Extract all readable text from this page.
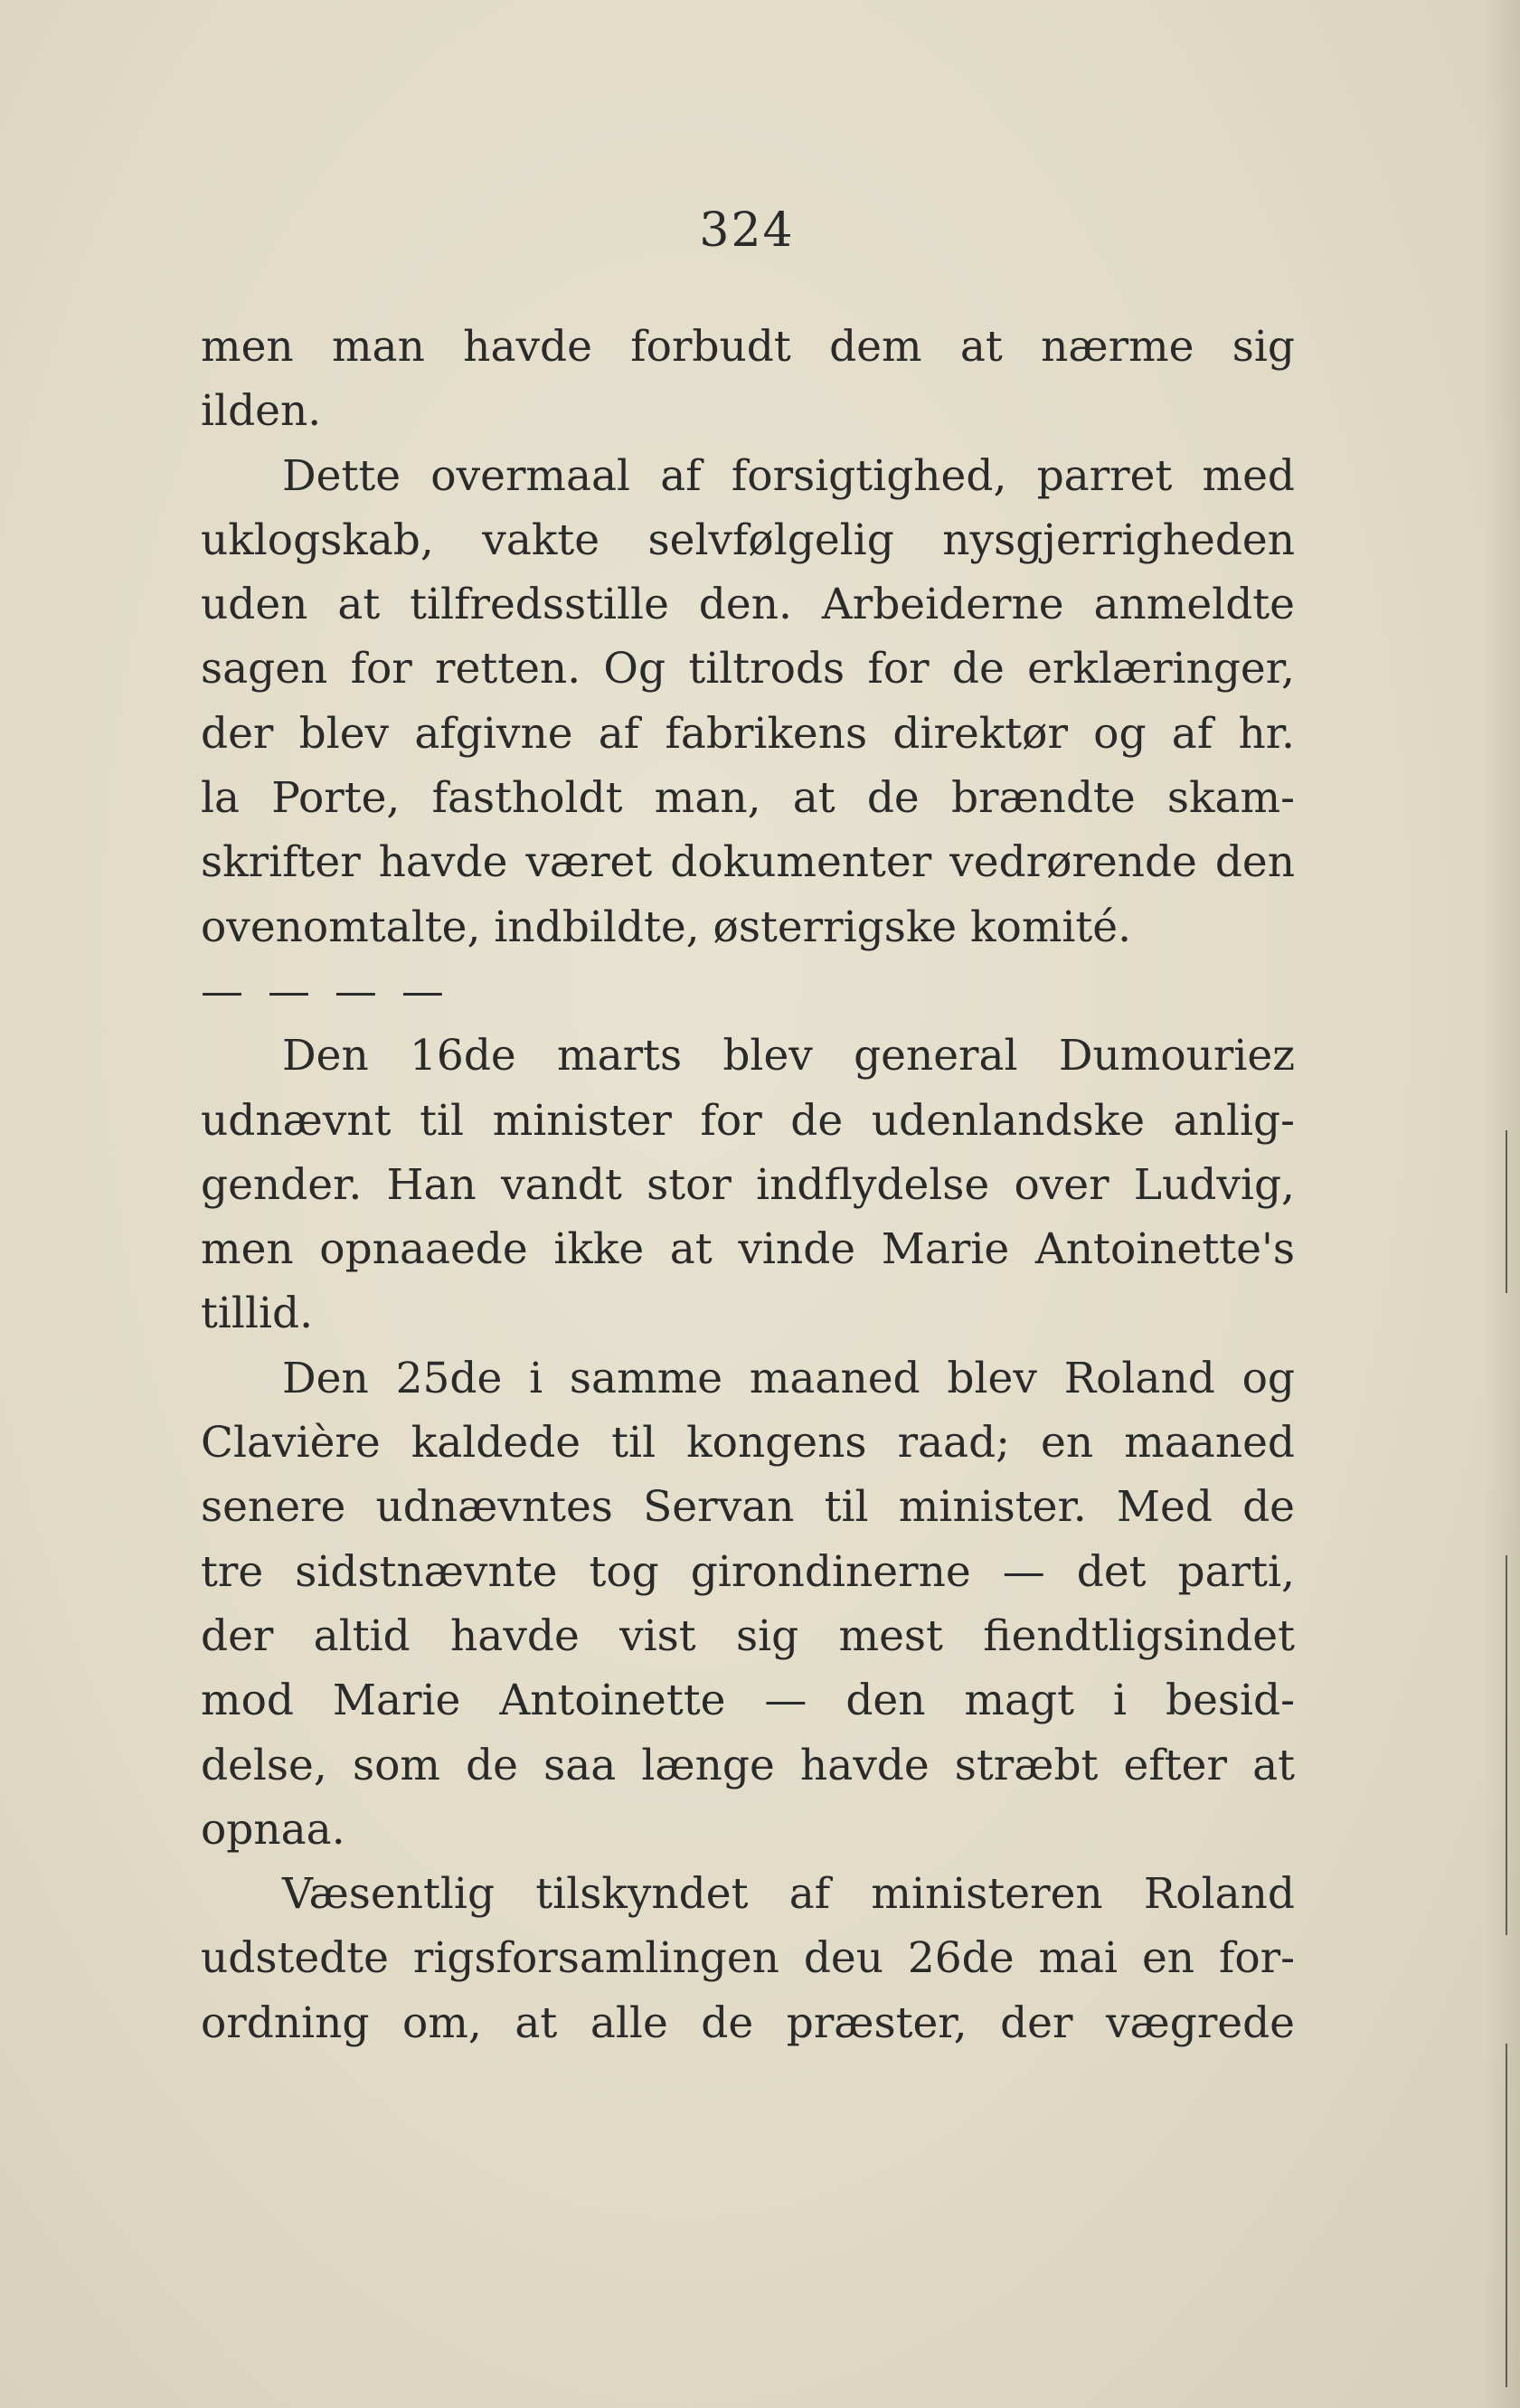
324
men man havde forbudt dem at nærme sig
ilden.
Dette overmaal af forsigtighed, parret med
uklogskab, vakte selvfølgelig nysgjerrigheden
uden at tilfredsstille den. Arbeiderne anmeldte
sagen for retten. Og tiltrods for de erklæringer,
der blev afgivne af fabrikens direktør og af hr.
la Porte, fastholdt man, at de brændte skam-
skrifter havde været dokumenter vedrørende den
ovenomtalte, indbildte, østerrigske komité.
— — — —
Den 16de marts blev general Dumouriez
udnævnt til minister for de udenlandske anlig-
gender. Han vandt stor indflydelse over Ludvig,
men opnaaede ikke at vinde Marie Antoinette's
tillid.
Den 25de i samme maaned blev Roland og
Clavière kaldede til kongens raad; en maaned
senere udnævntes Servan til minister. Med de
tre sidstnævnte tog girondinerne — det parti,
der altid havde vist sig mest fiendtligsindet
mod Marie Antoinette — den magt i besid-
delse, som de saa længe havde stræbt efter at
opnaa.
Væsentlig tilskyndet af ministeren Roland
udstedte rigsforsamlingen deu 26de mai en for-
ordning om, at alle de præster, der vægrede
